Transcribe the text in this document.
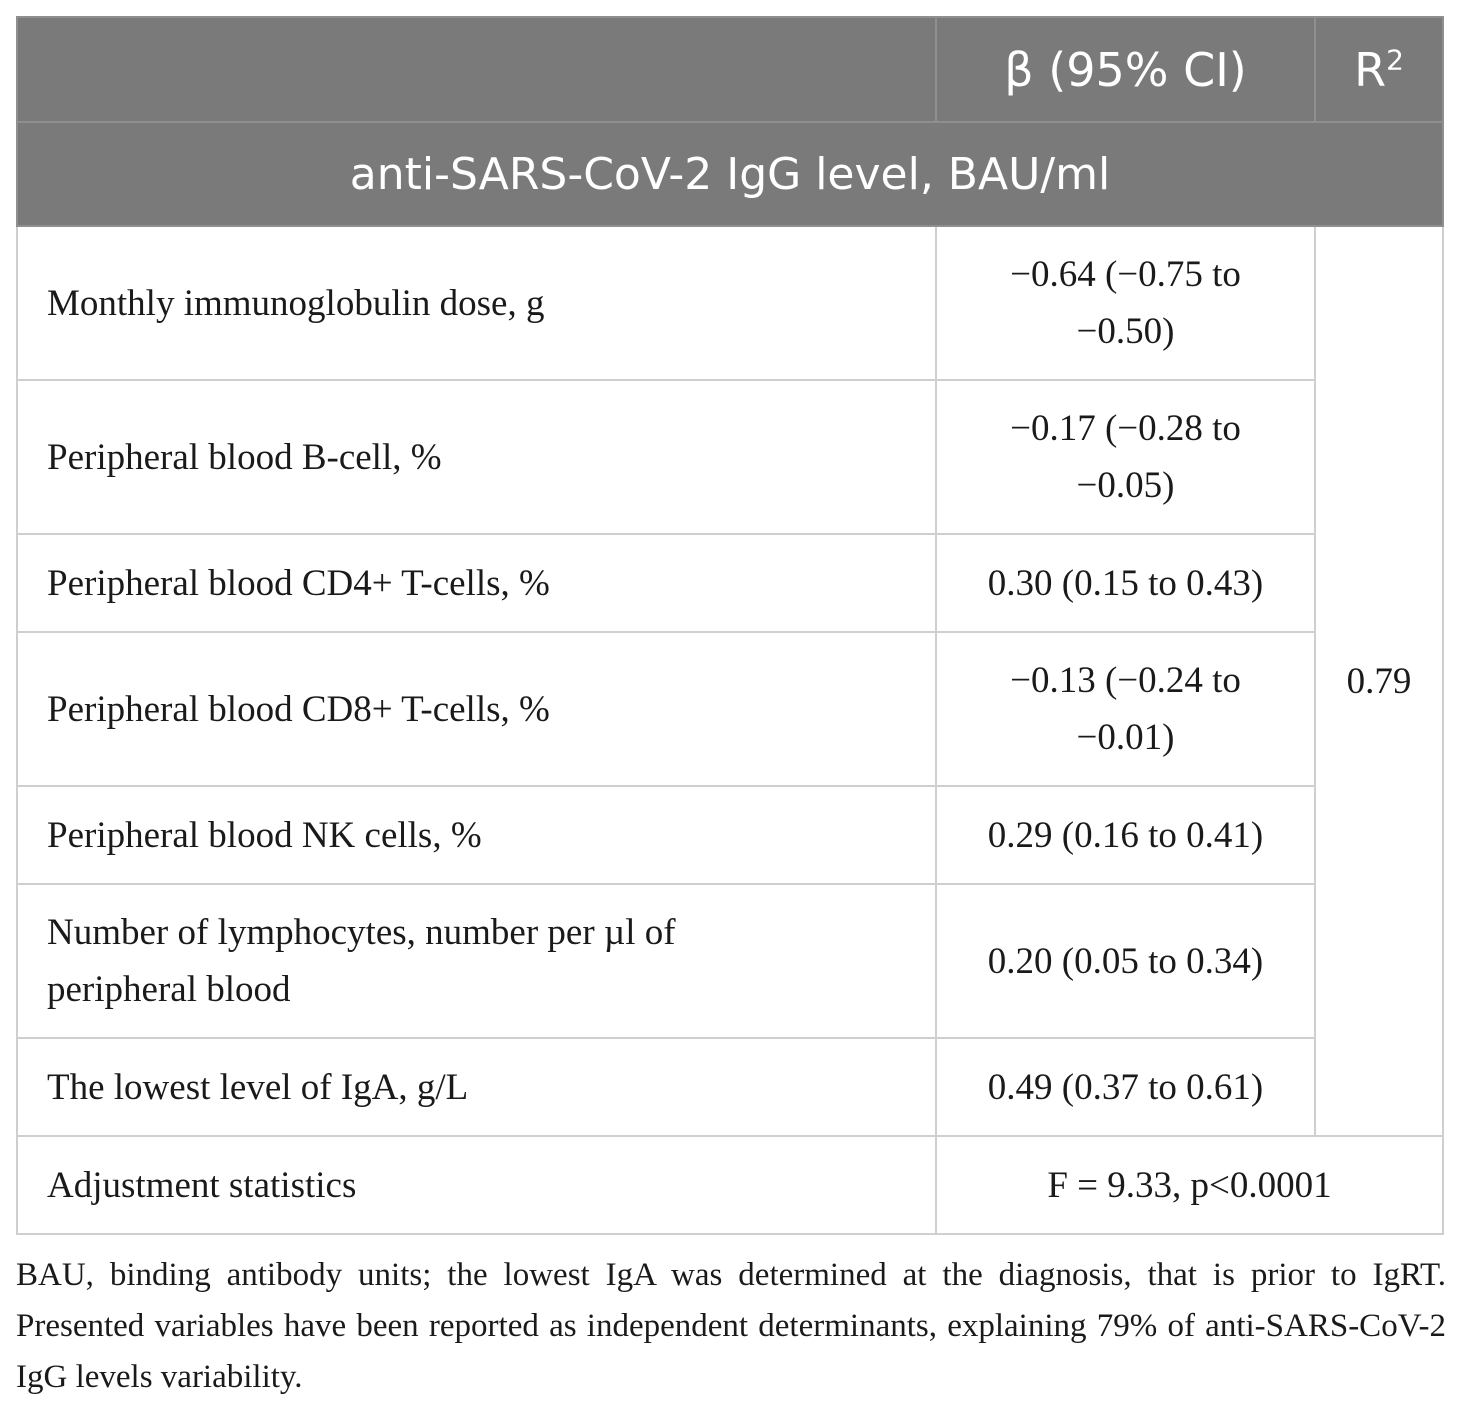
	β (95% CI)	$R^2$
anti-SARS-CoV-2 IgG level, BAU/ml		
Monthly immunoglobulin dose, g	−0.64 (−0.75 to −0.50)	0.79
Peripheral blood B-cell, %	−0.17 (−0.28 to −0.05)	
Peripheral blood CD4+ T-cells, %	0.30 (0.15 to 0.43)	
Peripheral blood CD8+ T-cells, %	−0.13 (−0.24 to −0.01)	
Peripheral blood NK cells, %	0.29 (0.16 to 0.41)	
Number of lymphocytes, number per µl of peripheral blood	0.20 (0.05 to 0.34)	
The lowest level of IgA, g/L	0.49 (0.37 to 0.61)	
Adjustment statistics	F = 9.33, p<0.0001	
BAU, binding antibody units; the lowest IgA was determined at the diagnosis, that is prior to IgRT. Presented variables have been reported as independent determinants, explaining 79% of anti-SARS-CoV-2 IgG levels variability.
